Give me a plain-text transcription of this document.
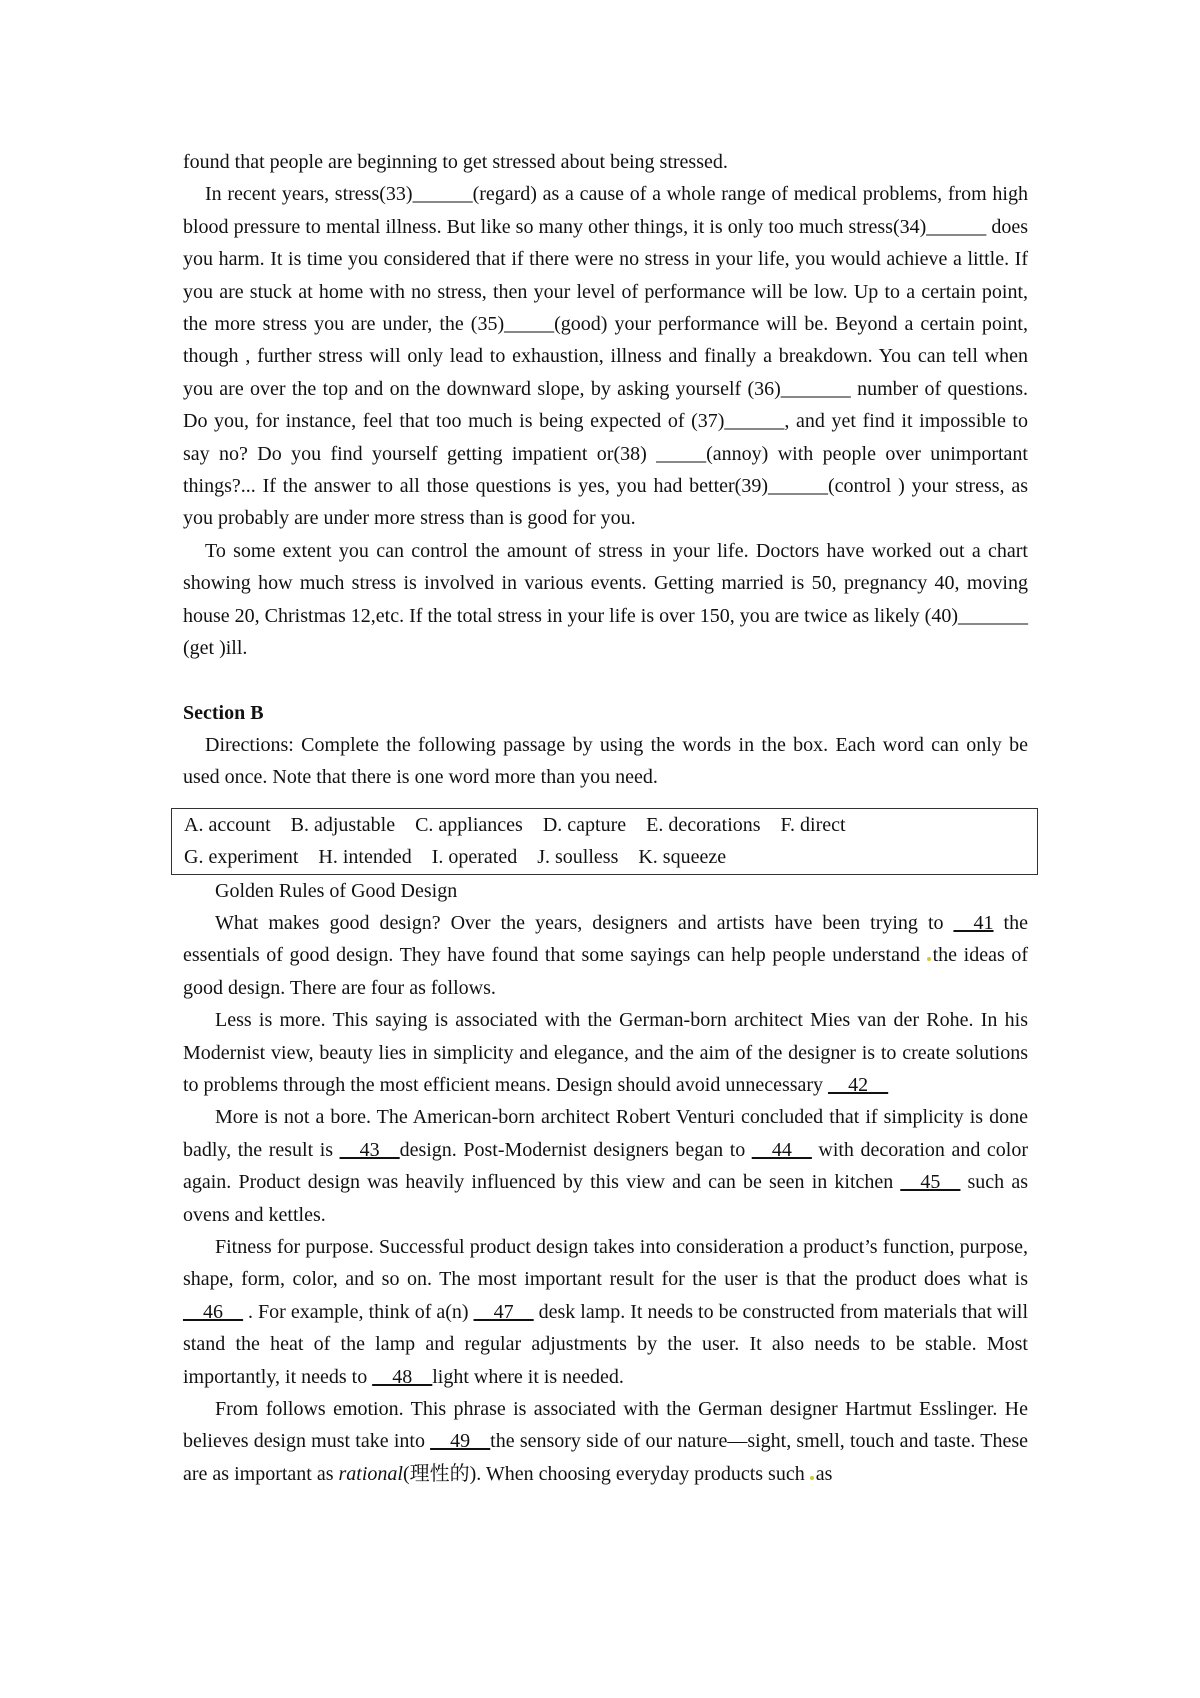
found that people are beginning to get stressed about being stressed.

In recent years, stress(33)______(regard) as a cause of a whole range of medical problems, from high blood pressure to mental illness. But like so many other things, it is only too much stress(34)______ does you harm. It is time you considered that if there were no stress in your life, you would achieve a little. If you are stuck at home with no stress, then your level of performance will be low. Up to a certain point, the more stress you are under, the (35)_____(good) your performance will be. Beyond a certain point, though , further stress will only lead to exhaustion, illness and finally a breakdown. You can tell when you are over the top and on the downward slope, by asking yourself (36)_______ number of questions. Do you, for instance, feel that too much is being expected of (37)______, and yet find it impossible to say no? Do you find yourself getting impatient or(38) _____(annoy) with people over unimportant things?... If the answer to all those questions is yes, you had better(39)______(control ) your stress, as you probably are under more stress than is good for you.

To some extent you can control the amount of stress in your life. Doctors have worked out a chart showing how much stress is involved in various events. Getting married is 50, pregnancy 40, moving house 20, Christmas 12,etc. If the total stress in your life is over 150, you are twice as likely (40)_______ (get )ill.

Section B

Directions: Complete the following passage by using the words in the box. Each word can only be used once. Note that there is one word more than you need.

A. account B. adjustable C. appliances D. capture E. decorations F. direct
G. experiment H. intended I. operated J. soulless K. squeeze

Golden Rules of Good Design

What makes good design? Over the years, designers and artists have been trying to __41 the essentials of good design. They have found that some sayings can help people understand the ideas of good design. There are four as follows.

Less is more. This saying is associated with the German-born architect Mies van der Rohe. In his Modernist view, beauty lies in simplicity and elegance, and the aim of the designer is to create solutions to problems through the most efficient means. Design should avoid unnecessary __42__

More is not a bore. The American-born architect Robert Venturi concluded that if simplicity is done badly, the result is __43__design. Post-Modernist designers began to __44__ with decoration and color again. Product design was heavily influenced by this view and can be seen in kitchen __45__ such as ovens and kettles.

Fitness for purpose. Successful product design takes into consideration a product’s function, purpose, shape, form, color, and so on. The most important result for the user is that the product does what is __46__ . For example, think of a(n) __47__ desk lamp. It needs to be constructed from materials that will stand the heat of the lamp and regular adjustments by the user. It also needs to be stable. Most importantly, it needs to __48__light where it is needed.

From follows emotion. This phrase is associated with the German designer Hartmut Esslinger. He believes design must take into __49__the sensory side of our nature—sight, smell, touch and taste. These are as important as rational(理性的). When choosing everyday products such as
